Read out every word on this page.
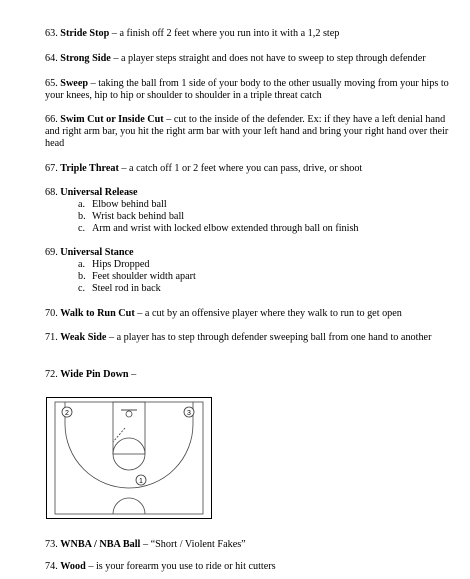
63. Stride Stop – a finish off 2 feet where you run into it with a 1,2 step
64. Strong Side – a player steps straight and does not have to sweep to step through defender
65. Sweep – taking the ball from 1 side of your body to the other usually moving from your hips to your knees, hip to hip or shoulder to shoulder in a triple threat catch
66. Swim Cut or Inside Cut – cut to the inside of the defender. Ex: if they have a left denial hand and right arm bar, you hit the right arm bar with your left hand and bring your right hand over their head
67. Triple Threat – a catch off 1 or 2 feet where you can pass, drive, or shoot
68. Universal Release
a. Elbow behind ball
b. Wrist back behind ball
c. Arm and wrist with locked elbow extended through ball on finish
69. Universal Stance
a. Hips Dropped
b. Feet shoulder width apart
c. Steel rod in back
70. Walk to Run Cut – a cut by an offensive player where they walk to run to get open
71. Weak Side – a player has to step through defender sweeping ball from one hand to another
72. Wide Pin Down –
2	3
1
73. WNBA / NBA Ball – “Short / Violent Fakes”
74. Wood – is your forearm you use to ride or hit cutters
